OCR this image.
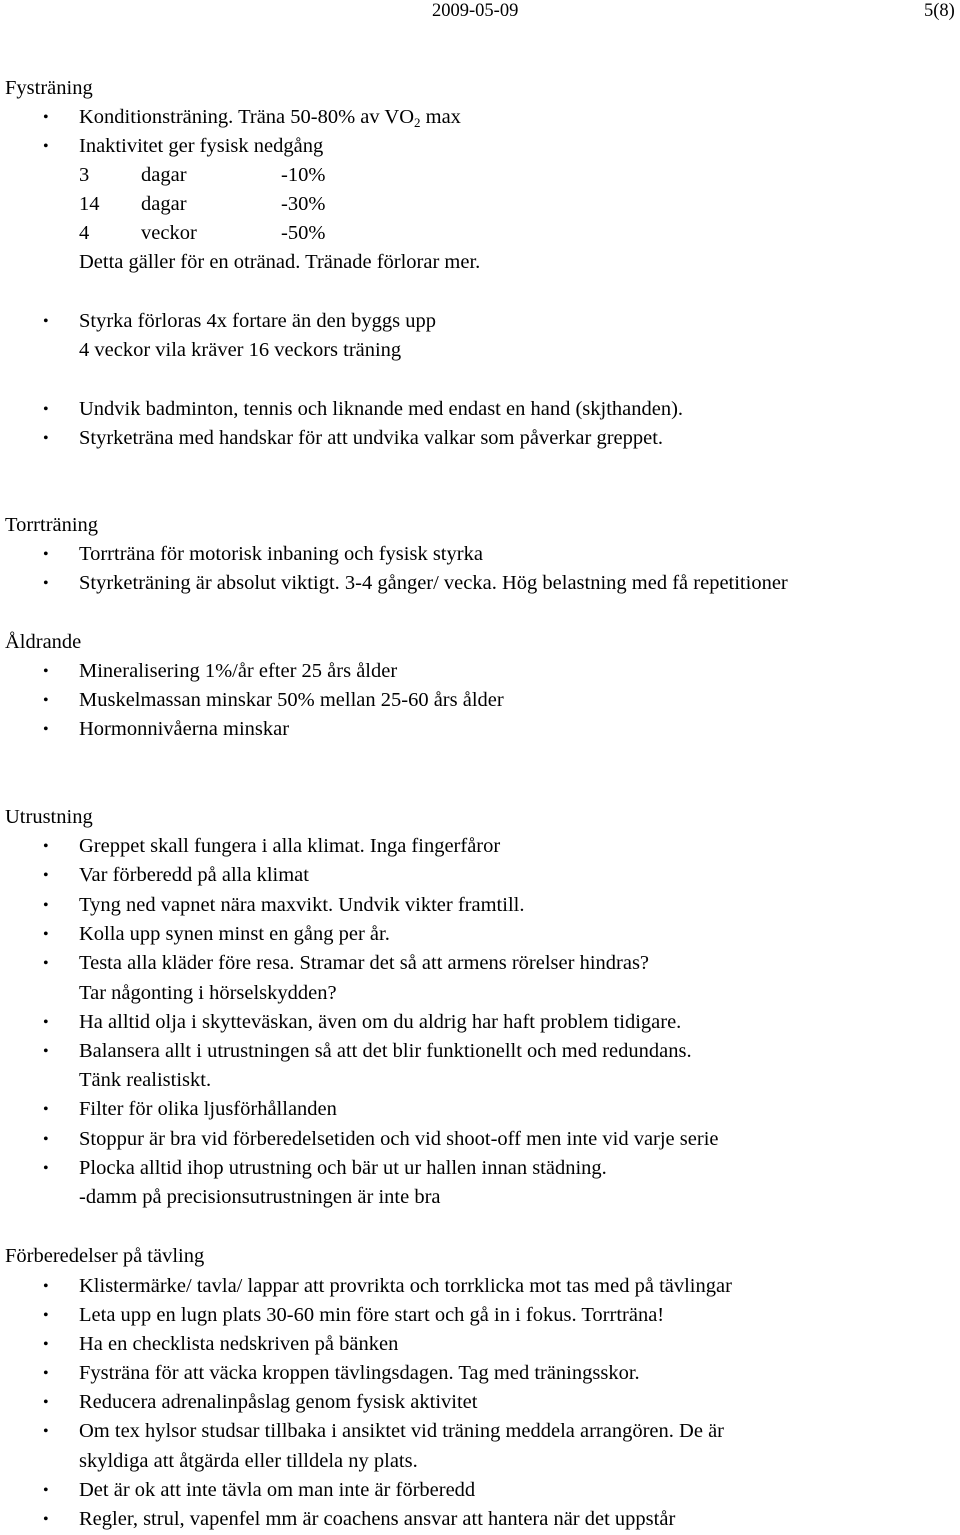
2009-05-09	5(8)
Fysträning
• Konditionsträning. Träna 50-80% av $VO_2$ max
• Inaktivitet ger fysisk nedgång
3	dagar	-10%
14 dagar	-30%
4	veckor	-50%
Detta gäller för en otränad. Tränade förlorar mer.
• Styrka förloras 4x fortare än den byggs upp
4 veckor vila kräver 16 veckors träning
• Undvik badminton, tennis och liknande med endast en hand (skjthanden).
• Styrketräna med handskar för att undvika valkar som påverkar greppet.
Torrträning
• Torrträna för motorisk inbaning och fysisk styrka
• Styrketräning är absolut viktigt. 3-4 gånger/ vecka. Hög belastning med få repetitioner
Åldrande
• Mineralisering 1%/år efter 25 års ålder
• Muskelmassan minskar 50% mellan 25-60 års ålder
• Hormonnivåerna minskar
Utrustning
• Greppet skall fungera i alla klimat. Inga fingerfåror
• Var förberedd på alla klimat
• Tyng ned vapnet nära maxvikt. Undvik vikter framtill.
• Kolla upp synen minst en gång per år.
• Testa alla kläder före resa. Stramar det så att armens rörelser hindras?
Tar någonting i hörselskydden?
• Ha alltid olja i skytteväskan, även om du aldrig har haft problem tidigare.
• Balansera allt i utrustningen så att det blir funktionellt och med redundans.
Tänk realistiskt.
• Filter för olika ljusförhållanden
• Stoppur är bra vid förberedelsetiden och vid shoot-off men inte vid varje serie
• Plocka alltid ihop utrustning och bär ut ur hallen innan städning.
-damm på precisionsutrustningen är inte bra
Förberedelser på tävling
• Klistermärke/ tavla/ lappar att provrikta och torrklicka mot tas med på tävlingar
• Leta upp en lugn plats 30-60 min före start och gå in i fokus. Torrträna!
• Ha en checklista nedskriven på bänken
• Fysträna för att väcka kroppen tävlingsdagen. Tag med träningsskor.
• Reducera adrenalinpåslag genom fysisk aktivitet
• Om tex hylsor studsar tillbaka i ansiktet vid träning meddela arrangören. De är
skyldiga att åtgärda eller tilldela ny plats.
• Det är ok att inte tävla om man inte är förberedd
• Regler, strul, vapenfel mm är coachens ansvar att hantera när det uppstår
